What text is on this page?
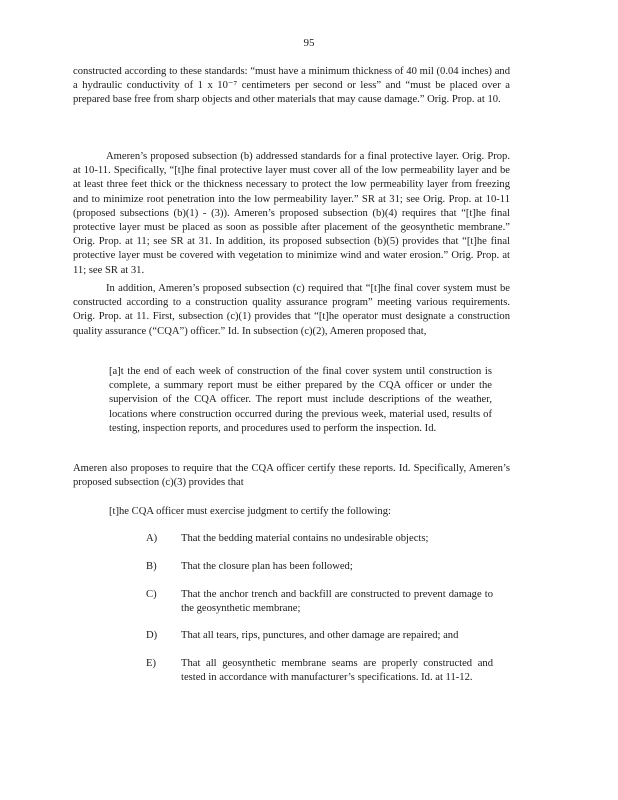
95

constructed according to these standards: “must have a minimum thickness of 40 mil (0.04 inches) and a hydraulic conductivity of 1 x 10⁻⁷ centimeters per second or less” and “must be placed over a prepared base free from sharp objects and other materials that may cause damage.” Orig. Prop. at 10.

Ameren’s proposed subsection (b) addressed standards for a final protective layer. Orig. Prop. at 10-11. Specifically, “[t]he final protective layer must cover all of the low permeability layer and be at least three feet thick or the thickness necessary to protect the low permeability layer from freezing and to minimize root penetration into the low permeability layer.” SR at 31; see Orig. Prop. at 10-11 (proposed subsections (b)(1) - (3)). Ameren’s proposed subsection (b)(4) requires that “[t]he final protective layer must be placed as soon as possible after placement of the geosynthetic membrane.” Orig. Prop. at 11; see SR at 31. In addition, its proposed subsection (b)(5) provides that “[t]he final protective layer must be covered with vegetation to minimize wind and water erosion.” Orig. Prop. at 11; see SR at 31.

In addition, Ameren’s proposed subsection (c) required that “[t]he final cover system must be constructed according to a construction quality assurance program” meeting various requirements. Orig. Prop. at 11. First, subsection (c)(1) provides that “[t]he operator must designate a construction quality assurance (“CQA”) officer.” Id. In subsection (c)(2), Ameren proposed that,

[a]t the end of each week of construction of the final cover system until construction is complete, a summary report must be either prepared by the CQA officer or under the supervision of the CQA officer. The report must include descriptions of the weather, locations where construction occurred during the previous week, material used, results of testing, inspection reports, and procedures used to perform the inspection. Id.

Ameren also proposes to require that the CQA officer certify these reports. Id. Specifically, Ameren’s proposed subsection (c)(3) provides that

[t]he CQA officer must exercise judgment to certify the following:

A) That the bedding material contains no undesirable objects;
B) That the closure plan has been followed;
C) That the anchor trench and backfill are constructed to prevent damage to the geosynthetic membrane;
D) That all tears, rips, punctures, and other damage are repaired; and
E) That all geosynthetic membrane seams are properly constructed and tested in accordance with manufacturer’s specifications. Id. at 11-12.
